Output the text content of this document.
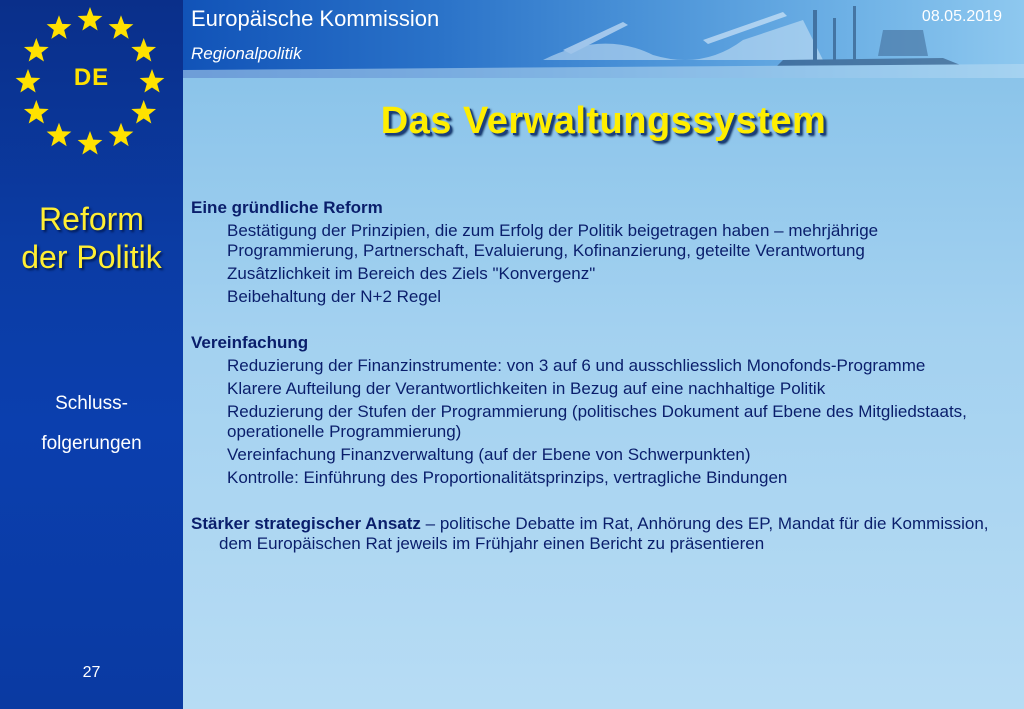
DE
Reform
der Politik
Schluss-
folgerungen
27
Europäische Kommission
Regionalpolitik
08.05.2019
Das Verwaltungssystem
Eine gründliche Reform
Bestätigung der Prinzipien, die zum Erfolg der Politik beigetragen haben – mehrjährige Programmierung, Partnerschaft, Evaluierung, Kofinanzierung, geteilte Verantwortung
Zusâtzlichkeit im Bereich des Ziels "Konvergenz"
Beibehaltung der N+2 Regel
Vereinfachung
Reduzierung der Finanzinstrumente: von 3 auf 6 und ausschliesslich Monofonds-Programme
Klarere Aufteilung der Verantwortlichkeiten in Bezug auf eine nachhaltige Politik
Reduzierung der Stufen der Programmierung (politisches Dokument auf Ebene des Mitgliedstaats, operationelle Programmierung)
Vereinfachung Finanzverwaltung (auf der Ebene von Schwerpunkten)
Kontrolle: Einführung des Proportionalitätsprinzips, vertragliche Bindungen
Stärker strategischer Ansatz – politische Debatte im Rat, Anhörung des EP, Mandat für die Kommission, dem Europäischen Rat jeweils im Frühjahr einen Bericht zu präsentieren
